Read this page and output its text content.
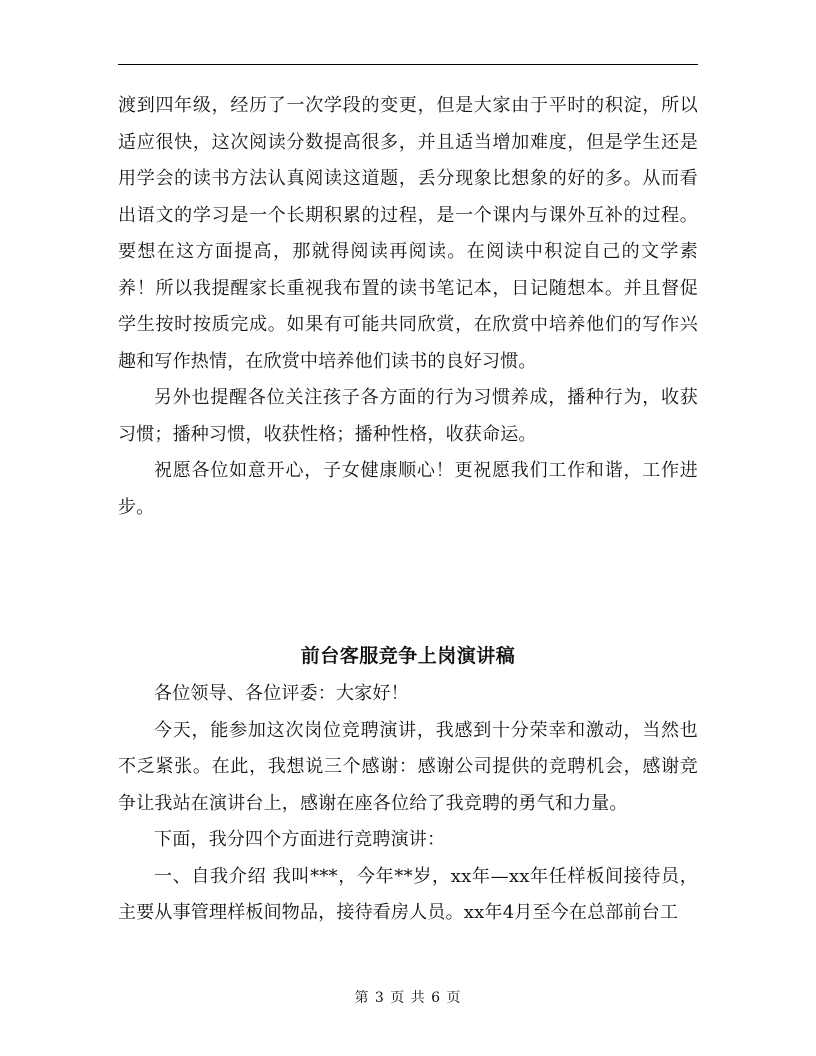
渡到四年级，经历了一次学段的变更，但是大家由于平时的积淀，所以适应很快，这次阅读分数提高很多，并且适当增加难度，但是学生还是用学会的读书方法认真阅读这道题，丢分现象比想象的好的多。从而看出语文的学习是一个长期积累的过程，是一个课内与课外互补的过程。要想在这方面提高，那就得阅读再阅读。在阅读中积淀自己的文学素养！所以我提醒家长重视我布置的读书笔记本，日记随想本。并且督促学生按时按质完成。如果有可能共同欣赏，在欣赏中培养他们的写作兴趣和写作热情，在欣赏中培养他们读书的良好习惯。

另外也提醒各位关注孩子各方面的行为习惯养成，播种行为，收获习惯；播种习惯，收获性格；播种性格，收获命运。

祝愿各位如意开心，子女健康顺心！更祝愿我们工作和谐，工作进步。

前台客服竞争上岗演讲稿

各位领导、各位评委：大家好！

今天，能参加这次岗位竞聘演讲，我感到十分荣幸和激动，当然也不乏紧张。在此，我想说三个感谢：感谢公司提供的竞聘机会，感谢竞争让我站在演讲台上，感谢在座各位给了我竞聘的勇气和力量。

下面，我分四个方面进行竞聘演讲：

一、自我介绍 我叫***，今年**岁，xx年—xx年任样板间接待员，主要从事管理样板间物品，接待看房人员。xx年4月至今在总部前台工

第 3 页 共 6 页
